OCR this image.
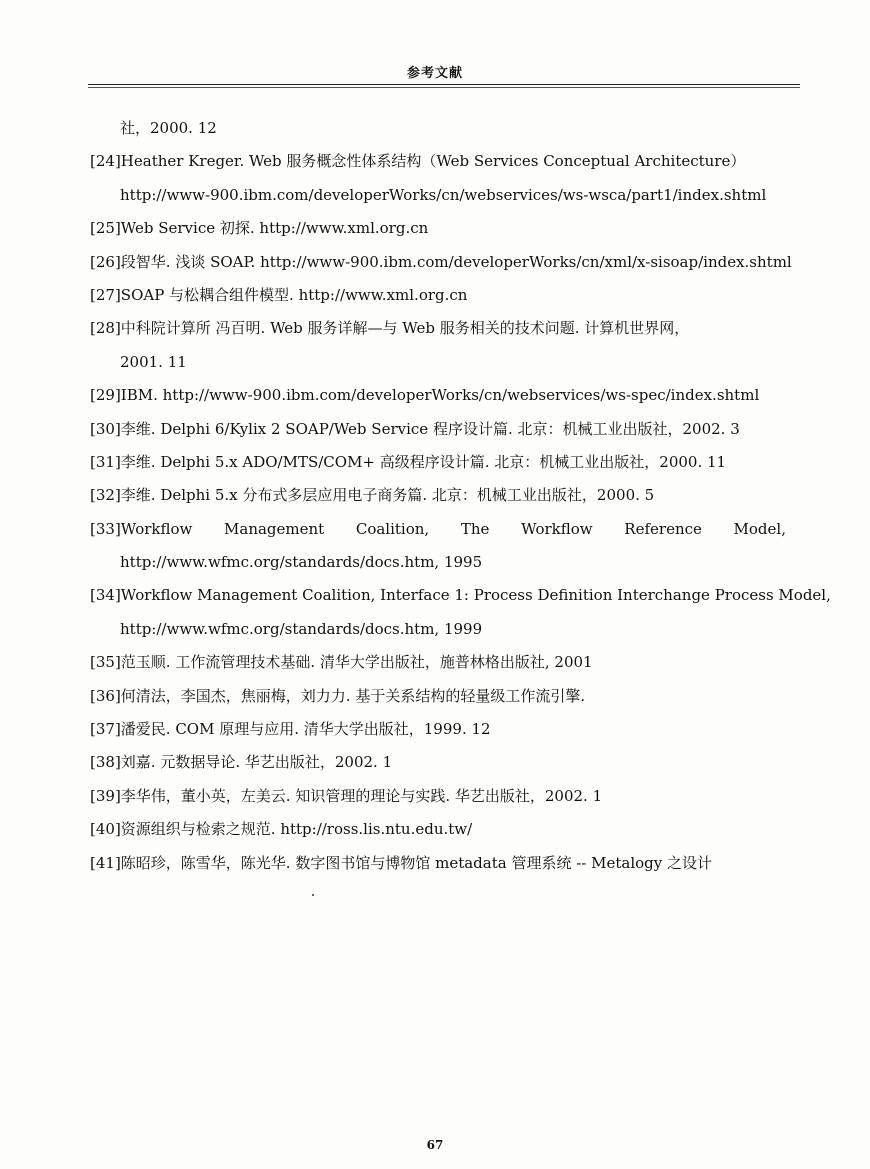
参考文献
社，2000. 12
[24]Heather Kreger. Web 服务概念性体系结构（Web Services Conceptual Architecture）
http://www-900.ibm.com/developerWorks/cn/webservices/ws-wsca/part1/index.shtml
[25]Web Service 初探. http://www.xml.org.cn
[26]段智华. 浅谈 SOAP. http://www-900.ibm.com/developerWorks/cn/xml/x-sisoap/index.shtml
[27]SOAP 与松耦合组件模型. http://www.xml.org.cn
[28]中科院计算所 冯百明. Web 服务详解—与 Web 服务相关的技术问题. 计算机世界网，
2001. 11
[29]IBM. http://www-900.ibm.com/developerWorks/cn/webservices/ws-spec/index.shtml
[30]李维. Delphi 6/Kylix 2 SOAP/Web Service 程序设计篇. 北京：机械工业出版社，2002. 3
[31]李维. Delphi 5.x ADO/MTS/COM+ 高级程序设计篇. 北京：机械工业出版社，2000. 11
[32]李维. Delphi 5.x 分布式多层应用电子商务篇. 北京：机械工业出版社，2000. 5
[33]Workflow Management Coalition, The Workflow Reference Model,
http://www.wfmc.org/standards/docs.htm, 1995
[34]Workflow Management Coalition, Interface 1: Process Definition Interchange Process Model,
http://www.wfmc.org/standards/docs.htm, 1999
[35]范玉顺. 工作流管理技术基础. 清华大学出版社，施普林格出版社, 2001
[36]何清法，李国杰，焦丽梅，刘力力. 基于关系结构的轻量级工作流引擎.
[37]潘爱民. COM 原理与应用. 清华大学出版社，1999. 12
[38]刘嘉. 元数据导论. 华艺出版社，2002. 1
[39]李华伟，董小英，左美云. 知识管理的理论与实践. 华艺出版社，2002. 1
[40]资源组织与检索之规范. http://ross.lis.ntu.edu.tw/
[41]陈昭珍，陈雪华，陈光华. 数字图书馆与博物馆 metadata 管理系统 -- Metalogy 之设计
67
